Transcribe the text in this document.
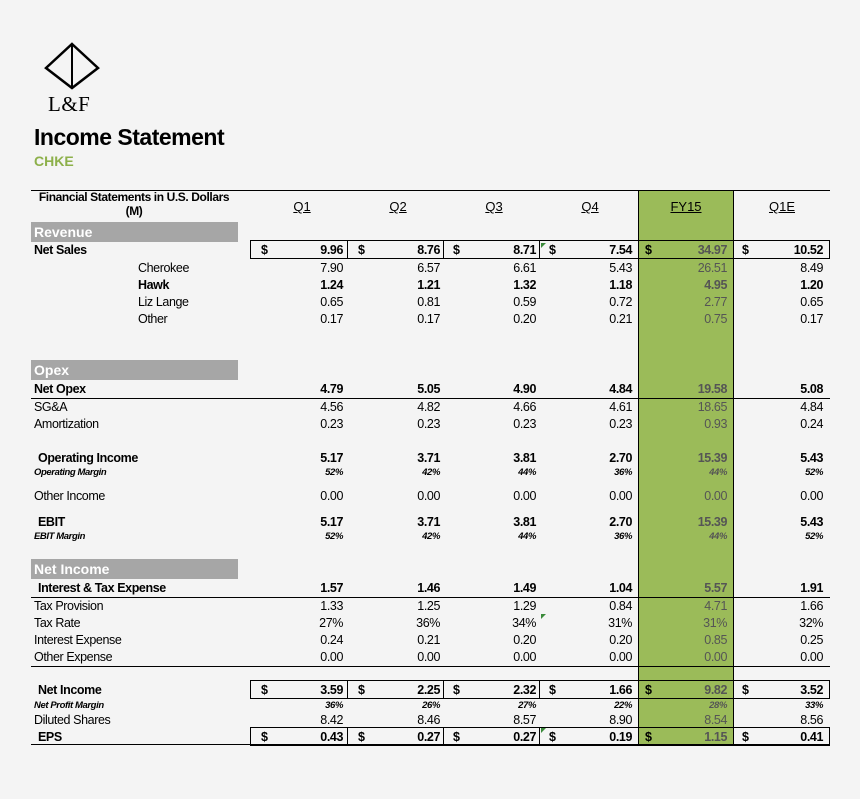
L&F
Income Statement
CHKE
Financial Statements in U.S. Dollars (M)	Q1	Q2	Q3	Q4	FY15	Q1E
Revenue
Opex
Net Income
Net Sales	9.96	8.76	8.71	7.54	34.97	10.52
$	$	$	$	$	$
Cherokee	7.90	6.57	6.61	5.43	26.51	8.49
Hawk	1.24	1.21	1.32	1.18	4.95	1.20
Liz Lange	0.65	0.81	0.59	0.72	2.77	0.65
Other	0.17	0.17	0.20	0.21	0.75	0.17
Net Opex	4.79	5.05	4.90	4.84	19.58	5.08
SG&A	4.56	4.82	4.66	4.61	18.65	4.84
Amortization	0.23	0.23	0.23	0.23	0.93	0.24
Operating Income	5.17	3.71	3.81	2.70	15.39	5.43
Operating Margin	52%	42%	44%	36%	44%	52%
Other Income	0.00	0.00	0.00	0.00	0.00	0.00
EBIT	5.17	3.71	3.81	2.70	15.39	5.43
EBIT Margin	52%	42%	44%	36%	44%	52%
Interest & Tax Expense	1.57	1.46	1.49	1.04	5.57	1.91
Tax Provision	1.33	1.25	1.29	0.84	4.71	1.66
Tax Rate	27%	36%	34%	31%	31%	32%
Interest Expense	0.24	0.21	0.20	0.20	0.85	0.25
Other Expense	0.00	0.00	0.00	0.00	0.00	0.00
Net Income	3.59	2.25	2.32	1.66	9.82	3.52
$	$	$	$	$	$
Net Profit Margin	36%	26%	27%	22%	28%	33%
Diluted Shares	8.42	8.46	8.57	8.90	8.54	8.56
EPS	0.43	0.27	0.27	0.19	1.15	0.41
$	$	$	$	$	$
